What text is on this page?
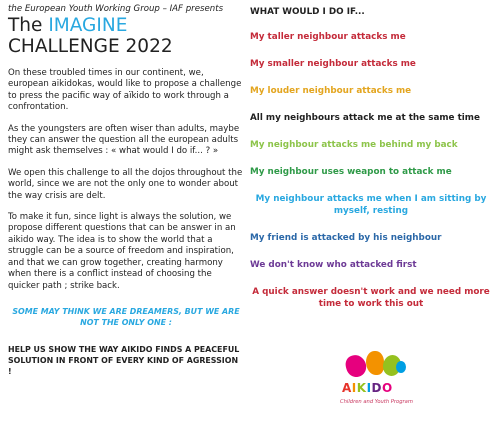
the European Youth Working Group – IAF presents

The IMAGINE

CHALLENGE 2022

On these troubled times in our continent, we, european aikidokas, would like to propose a challenge to press the pacific way of aïkido to work through a confrontation.

As the youngsters are often wiser than adults, maybe they can answer the question all the european adults might ask themselves : « what would I do if... ? »

We open this challenge to all the dojos throughout the world, since we are not the only one to wonder about the way crisis are delt.

To make it fun, since light is always the solution, we propose different questions that can be answer in an aikido way. The idea is to show the world that a struggle can be a source of freedom and inspiration, and that we can grow together, creating harmony when there is a conflict instead of choosing the quicker path ; strike back.

SOME MAY THINK WE ARE DREAMERS, BUT WE ARE NOT THE ONLY ONE :

HELP US SHOW THE WAY AIKIDO FINDS A PEACEFUL SOLUTION IN FRONT OF EVERY KIND OF AGRESSION !

WHAT WOULD I DO IF...

My taller neighbour attacks me

My smaller neighbour attacks me

My louder neighbour attacks me

All my neighbours attack me at the same time

My neighbour attacks me behind my back

My neighbour uses weapon to attack me

My neighbour attacks me when I am sitting by myself, resting

My friend is attacked by his neighbour

We don't know who attacked first

A quick answer doesn't work and we need more time to work this out

AIKIDO
Children and Youth Program
